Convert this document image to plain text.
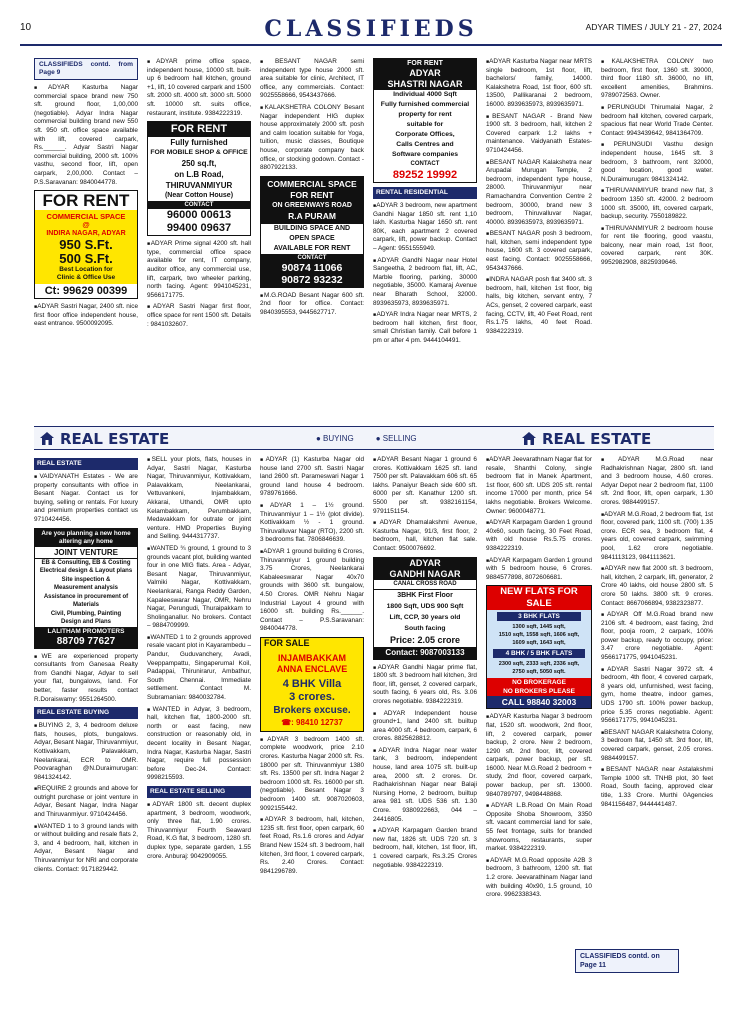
10	CLASSIFIEDS	ADYAR TIMES / JULY 21 - 27, 2024
CLASSIFIEDS contd. from Page 9
■ ADYAR Kasturba Nagar commercial space brand new 750 sft. ground floor, 1,00,000 (negotiable). Adyar Indra Nagar commercial building brand new 550 sft. 950 sft. office space available with lift, covered carpark, Rs.______. Adyar Sastri Nagar commercial building, 2000 sft. 100% vasthu, second floor, lift, open carpark, 2,00,000. Contact – P.S.Saravanan: 9840044778.
FOR RENT
COMMERCIAL SPACE
@
INDIRA NAGAR, ADYAR
950 S.Ft.
500 S.Ft.
Best Location for
Clinic & Office Use
Ct: 99629 00399
■ ADYAR Sastri Nagar, 2400 sft. nice first floor office independent house, east entrance. 9500092095.
■ ADYAR prime office space, independent house, 10000 sft. built-up 6 bedroom hall kitchen, ground +1, lift, 10 covered carpark and 1500 sft. 2000 sft. 4000 sft. 3000 sft. 5000 sft. 10000 sft. suits office, restaurant, institute. 9384222319.
FOR RENT
Fully furnished
FOR MOBILE SHOP & OFFICE
250 sq.ft,
on L.B Road,
THIRUVANMIYUR
(Near Cotton House)
CONTACT
96000 00613
99400 09637
■ ADYAR Prime signal 4200 sft. hall type, commercial office space available for rent, IT company, auditor office, any commercial use, lift, carpark, two wheeler parking, north facing. Agent: 9941045231, 9566171775.
■ ADYAR Sastri Nagar first floor, office space for rent 1500 sft. Details : 9841032607.
■ BESANT NAGAR semi independent type house 2000 sft. area suitable for clinic, Architect, IT office, any commercials. Contact: 9025558666, 9543437666.
■ KALAKSHETRA COLONY Besant Nagar independent HIG duplex house approximately 2000 sft. posh and calm location suitable for Yoga, tuition, music classes, Boutique house, corporate company back office, or stocking godown. Contact - 8807922133.
COMMERCIAL SPACE
FOR RENT
ON GREENWAYS ROAD
R.A PURAM
BUILDING SPACE AND
OPEN SPACE
AVAILABLE FOR RENT
CONTACT
90874 11066
90872 93232
■ M.G.ROAD Besant Nagar 600 sft. 2nd floor for office. Contact: 9840395553, 9445627717.
FOR RENT
ADYAR
SHASTRI NAGAR
Individual 4000 Sqft
Fully furnished commercial
property for rent
suitable for
Corporate Offices,
Calls Centres and
Software companies
CONTACT
89252 19992
RENTAL RESIDENTIAL
■ ADYAR 3 bedroom, new apartment Gandhi Nagar 1850 sft. rent 1,10 lakh. Kasturba Nagar 1650 sft. rent 80K, each apartment 2 covered carpark, lift, power backup. Contact – Agent: 9551555949.
■ ADYAR Gandhi Nagar near Hotel Sangeetha, 2 bedroom flat, lift, AC, Marble flooring, parking, 30000 negotiable, 35000. Kamaraj Avenue near Bharath School, 32000. 8939635973, 8939635971.
■ ADYAR Indra Nagar near MRTS, 2 bedroom hall kitchen, first floor, small Christian family. Call before 1 pm or after 4 pm. 9444104491.
■ ADYAR Kasturba Nagar near MRTS single bedroom, 1st floor, lift, bachelors/ family, 14000. Kalakshetra Road, 1st floor, 600 sft. 13500, Pallikaranai 2 bedroom, 16000. 8939635973, 8939635971.
■ BESANT NAGAR - Brand New 1900 sft. 3 bedroom, hall, kitchen 2 Covered carpark 1.2 lakhs + maintenance. Vaidyanath Estates- 9710424456.
■ BESANT NAGAR Kalakshetra near Arupadai Murugan Temple, 2 bedroom, independent type house, 28000. Thiruvanmiyur near Ramachandra Convention Centre 2 bedroom, 30000, brand new 3 bedroom, Thiruvalluvar Nagar, 40000. 8939635973, 8939635971.
■ BESANT NAGAR posh 3 bedroom, hall, kitchen, semi independent type house, 1600 sft. 3 covered carpark, east facing. Contact: 9025558666, 9543437666.
■ INDRA NAGAR posh flat 3400 sft. 3 bedroom, hall, kitchen 1st floor, big halls, big kitchen, servant entry, 7 ACs, genset, 2 covered carpark, east facing, CCTV, lift, 40 Feet Road, rent Rs.1.75 lakhs, 40 feet Road. 9384222319.
■ KALAKSHETRA COLONY two bedroom, first floor, 1360 sft. 39000, third floor 1180 sft. 36000, no lift, excellent amenities, Brahmins. 9789072563. Owner.
■ PERUNGUDI Thirumalai Nagar, 2 bedroom hall kitchen, covered carpark, spacious flat near World Trade Center. Contact: 9943439642, 9841364709.
■ PERUNGUDI Vasthu design independent house, 1645 sft. 3 bedroom, 3 bathroom, rent 32000, good location, good water. N.Duraimurugan: 9841324142.
■ THIRUVANMIYUR brand new flat, 3 bedroom 1350 sft. 42000. 2 bedroom 1000 sft. 35000, lift, covered carpark, backup, security. 7550189822.
■ THIRUVANMIYUR 2 bedroom house for rent tile flooring, good vaastu, balcony, near main road, 1st floor, covered carpark, rent 30K. 9952982908, 8825939646.
REAL ESTATE	● BUYING	● SELLING	REAL ESTATE
REAL ESTATE
■ VAIDYANATH Estates - We are property consultants with office in Besant Nagar. Contact us for buying, selling or rentals. For luxury and premium properties contact us 9710424456.
Are you planning a new home altering any home
JOINT VENTURE
EB & Consulting, EB & Costing
Electrical design & Layout plans
Site inspection &
Measurement analysis
Assistance in procurement of
Materials
Civil, Plumbing, Painting
Design and Plans
LALITHAM PROMOTERS
88709 77627
■ WE are experienced property consultants from Ganesaa Realty from Gandhi Nagar, Adyar to sell your flat, bungalows, land. For better, faster results contact R.Doraiswamy: 9551264500.
REAL ESTATE BUYING
■ BUYING 2, 3, 4 bedroom deluxe flats, houses, plots, bungalows. Adyar, Besant Nagar, Thiruvanmiyur, Kottivakkam, Palavakkam, Neelankarai, ECR to OMR. Poovaraghan @N.Duraimurugan: 9841324142.
■ REQUIRE 2 grounds and above for outright purchase or joint venture in Adyar, Besant Nagar, Indra Nagar and Thiruvanmiyur. 9710424456.
■ WANTED 1 to 3 ground lands with or without building and resale flats 2, 3, and 4 bedroom, hall, kitchen in Adyar, Besant Nagar and Thiruvanmiyur for NRI and corporate clients. Contact: 9171829442.
■ SELL your plots, flats, houses in Adyar, Sastri Nagar, Kasturba Nagar, Thiruvanmiyur, Kottivakkam, Palavakkam, Neelankarai, Vettuvankeni, Injambakkam, Akkarai, Uthandi, OMR upto Kelambakkam, Perumbakkam, Medavakkam for outrate or joint venture. HMD Properties Buying and Selling. 9444317737.
■ WANTED ¾ ground, 1 ground to 3 grounds vacant plot, building wanted four in one MIG flats. Area - Adyar, Besant Nagar, Thiruvanmiyur, Valmiki Nagar, Kottivakkam, Neelankarai, Ranga Reddy Garden, Kapaleeswarar Nagar, OMR, Nehru Nagar, Perungudi, Thuraipakkam to Sholinganallur. No brokers. Contact – 9884709999.
■ WANTED 1 to 2 grounds approved resale vacant plot in Kayarambedu – Pandur, Guduvanchery, Avadi, Veeppampattu, Singaperumal Koil, Padappai, Thirunirarur, Ambathur, South Chennai. Immediate settlement. Contact M. Subramanian: 9840032784.
■ WANTED in Adyar, 3 bedroom, hall, kitchen flat, 1800-2000 sft. north or east facing, new construction or reasonably old, in decent locality in Besant Nagar, Indra Nagar, Kasturba Nagar, Sastri Nagar, require full possession before Dec-24. Contact: 9998215593.
REAL ESTATE SELLING
■ ADYAR 1800 sft. decent duplex apartment, 3 bedroom, woodwork, only three flat, 1.90 crores. Thiruvanmiyur Fourth Seaward Road, K.G flat, 3 bedroom, 1280 sft. duplex type, separate garden, 1.55 crore. Anburaj: 9042909055.
■ ADYAR (1) Kasturba Nagar old house land 2700 sft. Sastri Nagar land 2600 sft. Parameswari Nagar 1 ground land house 4 bedroom. 9789761666.
■ ADYAR 1 – 1½ ground. Thiruvanmiyur 1 – 1½ (plot divide). Kottivakkam ½ - 1 ground. Thiruvalluvar Nagar (RTO), 2200 sft. 3 bedrooms flat. 7806846639.
■ ADYAR 1 ground building 6 Crores, Thiruvanmiyur 1 ground building 3.75 Crores, Neelankarai Kabaleeswarar Nagar 40x70 grounds with 3600 sft. bungalow, 4.50 Crores. OMR Nehru Nagar Industrial Layout 4 ground with 16000 sft. building Rs.______. Contact – P.S.Saravanan: 9840044778.
FOR SALE
INJAMBAKKAM
ANNA ENCLAVE
4 BHK Villa
3 crores.
Brokers excuse.
☎: 98410 12737
■ ADYAR 3 bedroom 1400 sft. complete woodwork, price 2.10 crores. Kasturba Nagar 2000 sft. Rs. 18000 per sft. Thiruvanmiyur 1380 sft. Rs. 13500 per sft. Indra Nagar 2 bedroom 1000 sft. Rs. 16000 per sft. (negotiable). Besant Nagar 3 bedroom 1400 sft. 9087020603, 9092155442.
■ ADYAR 3 bedroom, hall, kitchen, 1235 sft. first floor, open carpark, 60 feet Road, Rs.1.6 crores and Adyar Brand New 1524 sft. 3 bedroom, hall kitchen, 3rd floor, 1 covered carpark, Rs. 2.40 Crores. Contact: 9841296789.
■ ADYAR Besant Nagar 1 ground 6 crores. Kottivakkam 1625 sft. land 7500 per sft. Palavakkam 606 sft. 65 lakhs. Panaiyur Beach side 600 sft. 6000 per sft. Kanathur 1200 sft. 5500 per sft. 9382161154, 9791151154.
■ ADYAR Dhamalakshmi Avenue, Kasturba Nagar, 91/3, first floor, 2 bedroom, hall, kitchen flat sale. Contact: 9500076692.
ADYAR
GANDHI NAGAR
CANAL CROSS ROAD
3BHK First Floor
1800 Sqft, UDS 900 Sqft
Lift, CCP, 30 years old
South facing
Price: 2.05 crore
Contact: 9087003133
■ ADYAR Gandhi Nagar prime flat, 1800 sft. 3 bedroom hall kitchen, 3rd floor, lift, genset, 2 covered carpark, south facing, 6 years old, Rs. 3.06 crores negotiable. 9384222319.
■ ADYAR Independent house ground+1, land 2400 sft. builtup area 4000 sft. 4 bedroom, carpark, 6 crores. 8825628812.
■ ADYAR Indra Nagar near water tank, 3 bedroom, independent house, land area 1075 sft. built-up area, 2000 sft. 2 crores. Dr. Radhakrishnan Nagar near Balaji Nursing Home, 2 bedroom, builtup area 981 sft. UDS 536 sft. 1.30 Crore. 9380922663, 044 – 24416805.
■ ADYAR Karpagam Garden brand new flat, 1826 sft. UDS 720 sft. 3 bedroom, hall, kitchen, 1st floor, lift, 1 covered carpark, Rs.3.25 Crores negotiable. 9384222319.
■ ADYAR Jeevarathnam Nagar flat for resale, Shanthi Colony, single bedroom flat in Manek Apartment, 1st floor, 600 sft. UDS 205 sft. rental income 17000 per month, price 54 lakhs negotiable. Brokers Welcome. Owner: 9600048771.
■ ADYAR Karpagam Garden 1 ground 40x60, south facing, 30 Feet Road, with old house Rs.5.75 crores. 9384222319.
■ ADYAR Karpagam Garden 1 ground with 5 bedroom house, 6 Crores. 9884577898, 8072606681.
NEW FLATS FOR SALE
3 BHK FLATS
1300 sqft, 1445 sqft,
1510 sqft, 1558 sqft, 1606 sqft,
1609 sqft, 1643 sqft,
4 BHK / 5 BHK FLATS
2300 sqft, 2333 sqft, 2336 sqft,
2750 sqft, 5050 sqft.
NO BROKERAGE
NO BROKERS PLEASE
CALL 98840 32003
■ ADYAR Kasturba Nagar 3 bedroom flat, 1520 sft. woodwork, 2nd floor, lift, 2 covered carpark, power backup, 2 crore. New 2 bedroom, 1290 sft. 2nd floor, lift, covered carpark, power backup, per sft. 16000. Near M.G.Road 2 bedroom + study, 2nd floor, covered carpark, power backup, per sft. 13000. 9840789797, 9498448868.
■ ADYAR L.B.Road On Main Road Opposite Shoba Showroom, 3350 sft. vacant commercial land for sale, 55 feet frontage, suits for branded showrooms, restaurants, super market. 9384222319.
■ ADYAR M.G.Road opposite A2B 3 bedroom, 3 bathroom, 1200 sft. flat 1.2 crore. Jeevarathinam Nagar land with building 40x90, 1.5 ground, 10 crore. 9962338343.
■ ADYAR M.G.Road near Radhakrishnan Nagar, 2800 sft. land and 3 bedroom house, 4.60 crores. Adyar Depot near 2 bedroom flat, 1100 sft. 2nd floor, lift, open carpark, 1.30 crores. 9884499157.
■ ADYAR M.G.Road, 2 bedroom flat, 1st floor, covered park, 1100 sft. (700) 1.35 crore. ECR sea, 3 bedroom flat, 4 years old, covered carpark, swimming pool, 1.62 crore negotiable. 9841113123, 9841113621.
■ ADYAR new flat 2000 sft. 3 bedroom, hall, kitchen, 2 carpark, lift, generator, 2 Crore 40 lakhs, old house 2800 sft. 5 crore 50 lakhs. 3800 sft. 9 crores. Contact: 8667066894, 9382323877.
■ ADYAR Off M.G.Road brand new 2106 sft. 4 bedroom, east facing, 2nd floor, pooja room, 2 carpark, 100% power backup, ready to occupy, price: 3.47 crore negotiable. Agent: 9566171775, 9941045231.
■ ADYAR Sastri Nagar 3972 sft. 4 bedroom, 4th floor, 4 covered carpark, 8 years old, unfurnished, west facing, gym, home theatre, indoor games, UDS 1790 sft. 100% power backup, price 5.35 crores negotiable. Agent: 9566171775, 9941045231.
■ BESANT NAGAR Kalakshetra Colony, 3 bedroom flat, 1450 sft. 3rd floor, lift, covered carpark, genset, 2.05 crores. 9884499157.
■ BESANT NAGAR near Astalakshmi Temple 1000 sft. TNHB plot, 30 feet Road, South facing, approved clear title, 1.33 Crore. Murthi 0Agencies 9841156487, 9444441487.
CLASSIFIEDS contd. on Page 11
